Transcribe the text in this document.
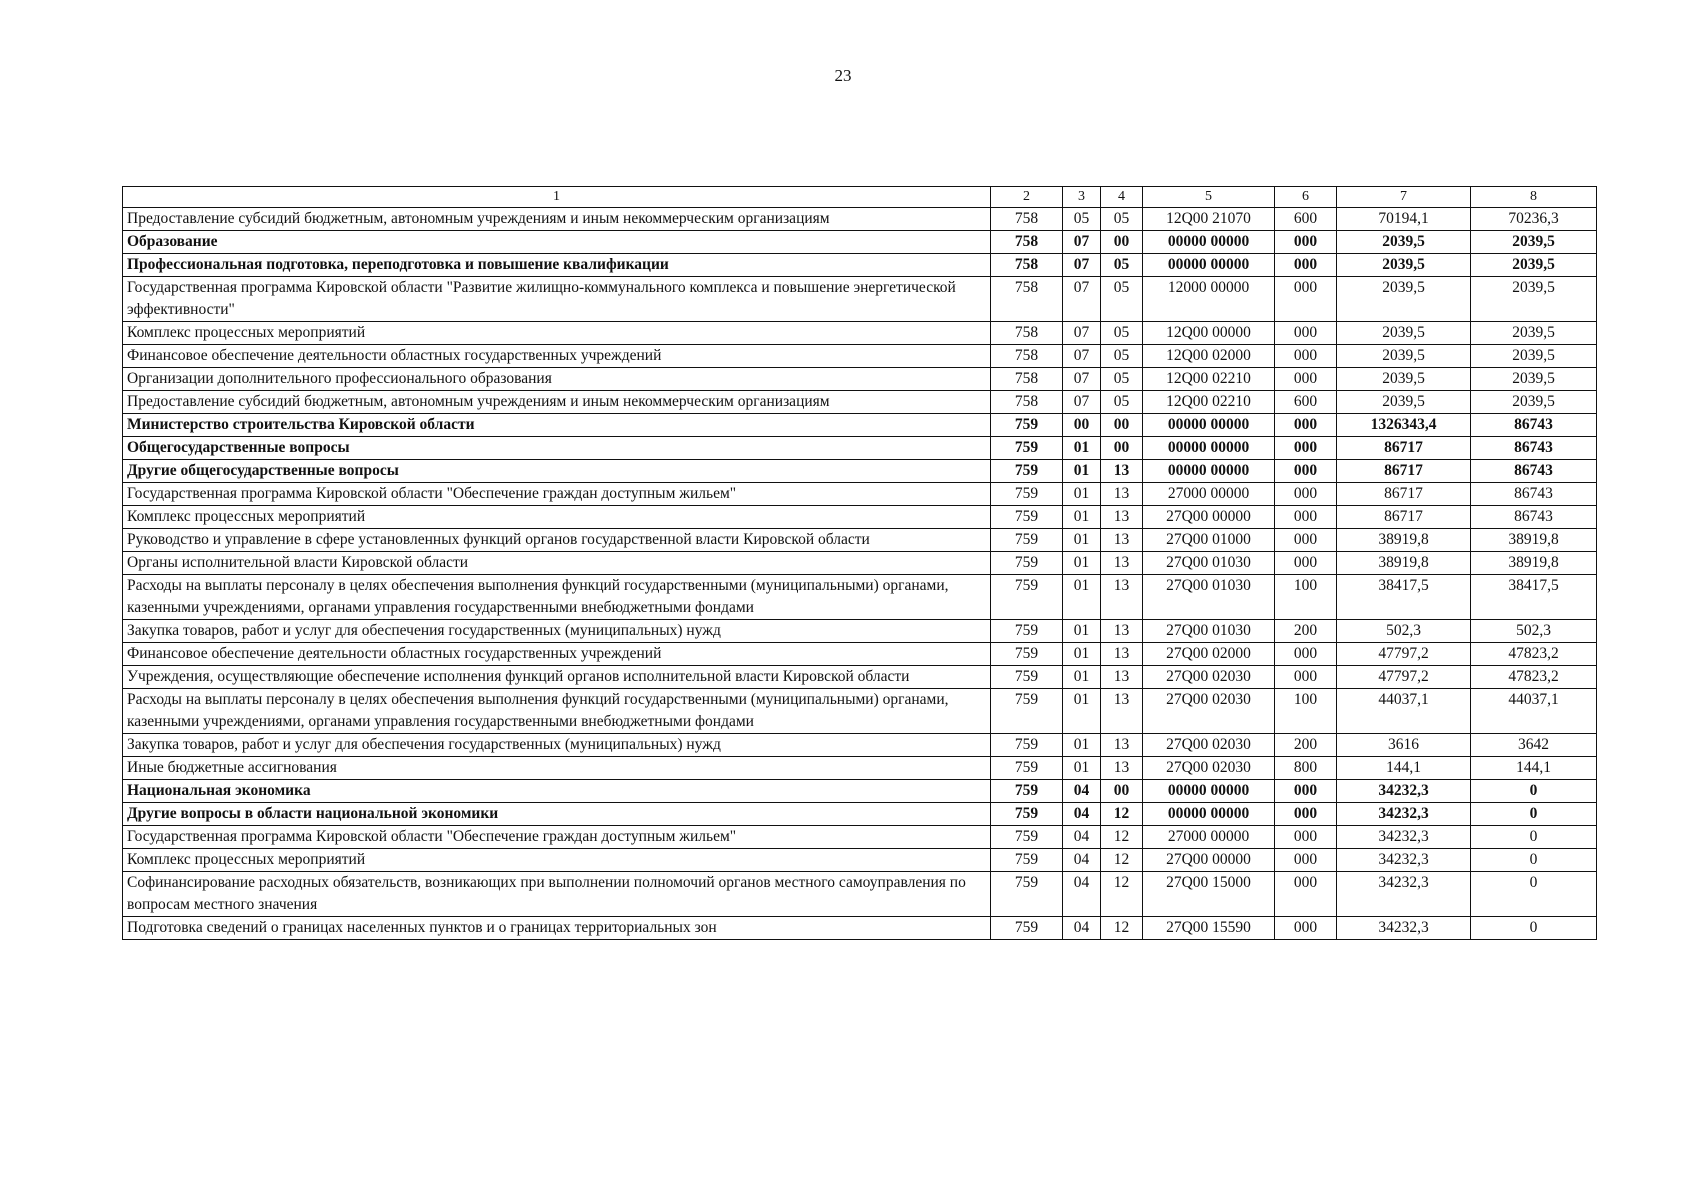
23
1	2	3	4	5	6	7	8
Предоставление субсидий бюджетным, автономным учреждениям и иным некоммерческим организациям	758	05	05	12Q00 21070	600	70194,1	70236,3
Образование	758	07	00	00000 00000	000	2039,5	2039,5
Профессиональная подготовка, переподготовка и повышение квалификации	758	07	05	00000 00000	000	2039,5	2039,5
Государственная программа Кировской области "Развитие жилищно-коммунального комплекса и повышение энергетической эффективности"	758	07	05	12000 00000	000	2039,5	2039,5
Комплекс процессных мероприятий	758	07	05	12Q00 00000	000	2039,5	2039,5
Финансовое обеспечение деятельности областных государственных учреждений	758	07	05	12Q00 02000	000	2039,5	2039,5
Организации дополнительного профессионального образования	758	07	05	12Q00 02210	000	2039,5	2039,5
Предоставление субсидий бюджетным, автономным учреждениям и иным некоммерческим организациям	758	07	05	12Q00 02210	600	2039,5	2039,5
Министерство строительства Кировской области	759	00	00	00000 00000	000	1326343,4	86743
Общегосударственные вопросы	759	01	00	00000 00000	000	86717	86743
Другие общегосударственные вопросы	759	01	13	00000 00000	000	86717	86743
Государственная программа Кировской области "Обеспечение граждан доступным жильем"	759	01	13	27000 00000	000	86717	86743
Комплекс процессных мероприятий	759	01	13	27Q00 00000	000	86717	86743
Руководство и управление в сфере установленных функций органов государственной власти Кировской области	759	01	13	27Q00 01000	000	38919,8	38919,8
Органы исполнительной власти Кировской области	759	01	13	27Q00 01030	000	38919,8	38919,8
Расходы на выплаты персоналу в целях обеспечения выполнения функций государственными (муниципальными) органами, казенными учреждениями, органами управления государственными внебюджетными фондами	759	01	13	27Q00 01030	100	38417,5	38417,5
Закупка товаров, работ и услуг для обеспечения государственных (муниципальных) нужд	759	01	13	27Q00 01030	200	502,3	502,3
Финансовое обеспечение деятельности областных государственных учреждений	759	01	13	27Q00 02000	000	47797,2	47823,2
Учреждения, осуществляющие обеспечение исполнения функций органов исполнительной власти Кировской области	759	01	13	27Q00 02030	000	47797,2	47823,2
Расходы на выплаты персоналу в целях обеспечения выполнения функций государственными (муниципальными) органами, казенными учреждениями, органами управления государственными внебюджетными фондами	759	01	13	27Q00 02030	100	44037,1	44037,1
Закупка товаров, работ и услуг для обеспечения государственных (муниципальных) нужд	759	01	13	27Q00 02030	200	3616	3642
Иные бюджетные ассигнования	759	01	13	27Q00 02030	800	144,1	144,1
Национальная экономика	759	04	00	00000 00000	000	34232,3	0
Другие вопросы в области национальной экономики	759	04	12	00000 00000	000	34232,3	0
Государственная программа Кировской области "Обеспечение граждан доступным жильем"	759	04	12	27000 00000	000	34232,3	0
Комплекс процессных мероприятий	759	04	12	27Q00 00000	000	34232,3	0
Софинансирование расходных обязательств, возникающих при выполнении полномочий органов местного самоуправления по вопросам местного значения	759	04	12	27Q00 15000	000	34232,3	0
Подготовка сведений о границах населенных пунктов и о границах территориальных зон	759	04	12	27Q00 15590	000	34232,3	0
